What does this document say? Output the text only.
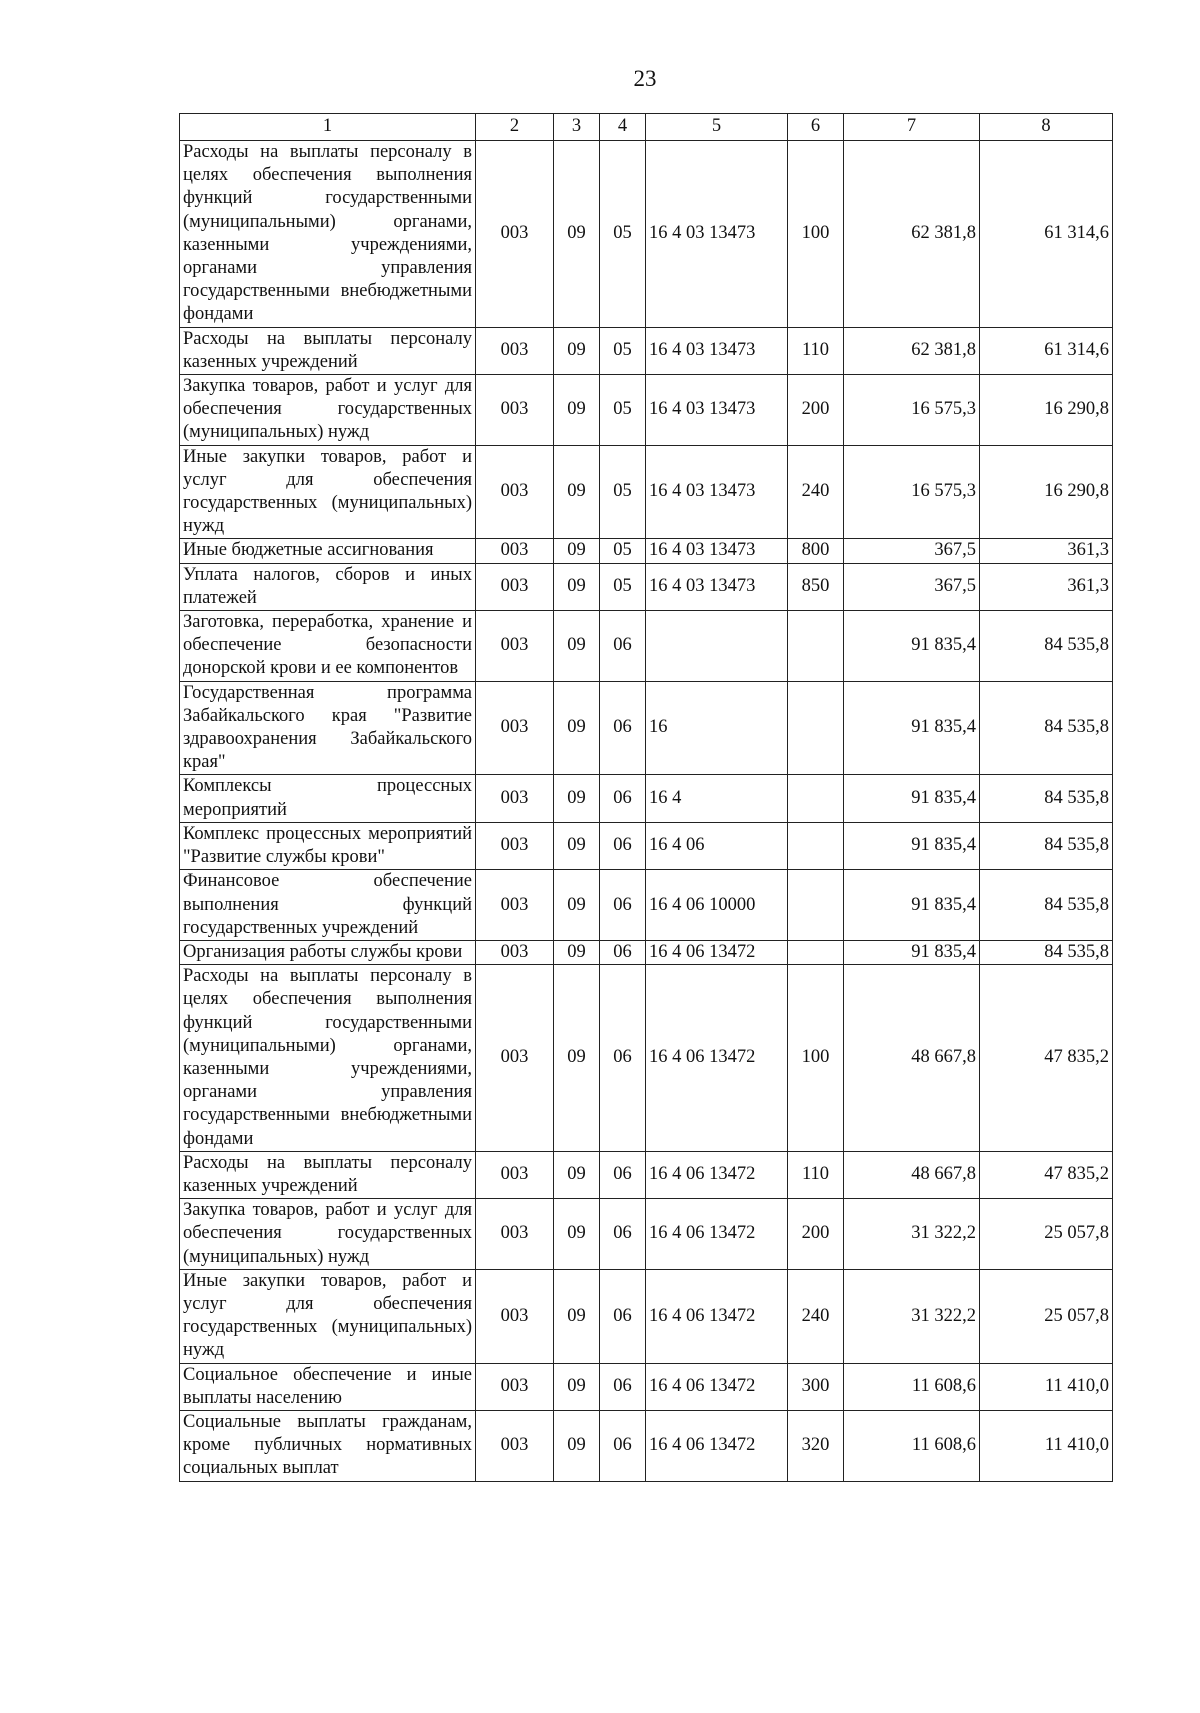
23
1	2	3	4	5	6	7	8
Расходы на выплаты персоналу в целях обеспечения выполнения функций государственными (муниципальными) органами, казенными учреждениями, органами управления государственными внебюджетными фондами	003	09	05	16 4 03 13473	100	62 381,8	61 314,6
Расходы на выплаты персоналу казенных учреждений	003	09	05	16 4 03 13473	110	62 381,8	61 314,6
Закупка товаров, работ и услуг для обеспечения государственных (муниципальных) нужд	003	09	05	16 4 03 13473	200	16 575,3	16 290,8
Иные закупки товаров, работ и услуг для обеспечения государственных (муниципальных) нужд	003	09	05	16 4 03 13473	240	16 575,3	16 290,8
Иные бюджетные ассигнования	003	09	05	16 4 03 13473	800	367,5	361,3
Уплата налогов, сборов и иных платежей	003	09	05	16 4 03 13473	850	367,5	361,3
Заготовка, переработка, хранение и обеспечение безопасности донорской крови и ее компонентов	003	09	06			91 835,4	84 535,8
Государственная программа Забайкальского края "Развитие здравоохранения Забайкальского края"	003	09	06	16		91 835,4	84 535,8
Комплексы процессных мероприятий	003	09	06	16 4		91 835,4	84 535,8
Комплекс процессных мероприятий "Развитие службы крови"	003	09	06	16 4 06		91 835,4	84 535,8
Финансовое обеспечение выполнения функций государственных учреждений	003	09	06	16 4 06 10000		91 835,4	84 535,8
Организация работы службы крови	003	09	06	16 4 06 13472		91 835,4	84 535,8
Расходы на выплаты персоналу в целях обеспечения выполнения функций государственными (муниципальными) органами, казенными учреждениями, органами управления государственными внебюджетными фондами	003	09	06	16 4 06 13472	100	48 667,8	47 835,2
Расходы на выплаты персоналу казенных учреждений	003	09	06	16 4 06 13472	110	48 667,8	47 835,2
Закупка товаров, работ и услуг для обеспечения государственных (муниципальных) нужд	003	09	06	16 4 06 13472	200	31 322,2	25 057,8
Иные закупки товаров, работ и услуг для обеспечения государственных (муниципальных) нужд	003	09	06	16 4 06 13472	240	31 322,2	25 057,8
Социальное обеспечение и иные выплаты населению	003	09	06	16 4 06 13472	300	11 608,6	11 410,0
Социальные выплаты гражданам, кроме публичных нормативных социальных выплат	003	09	06	16 4 06 13472	320	11 608,6	11 410,0
